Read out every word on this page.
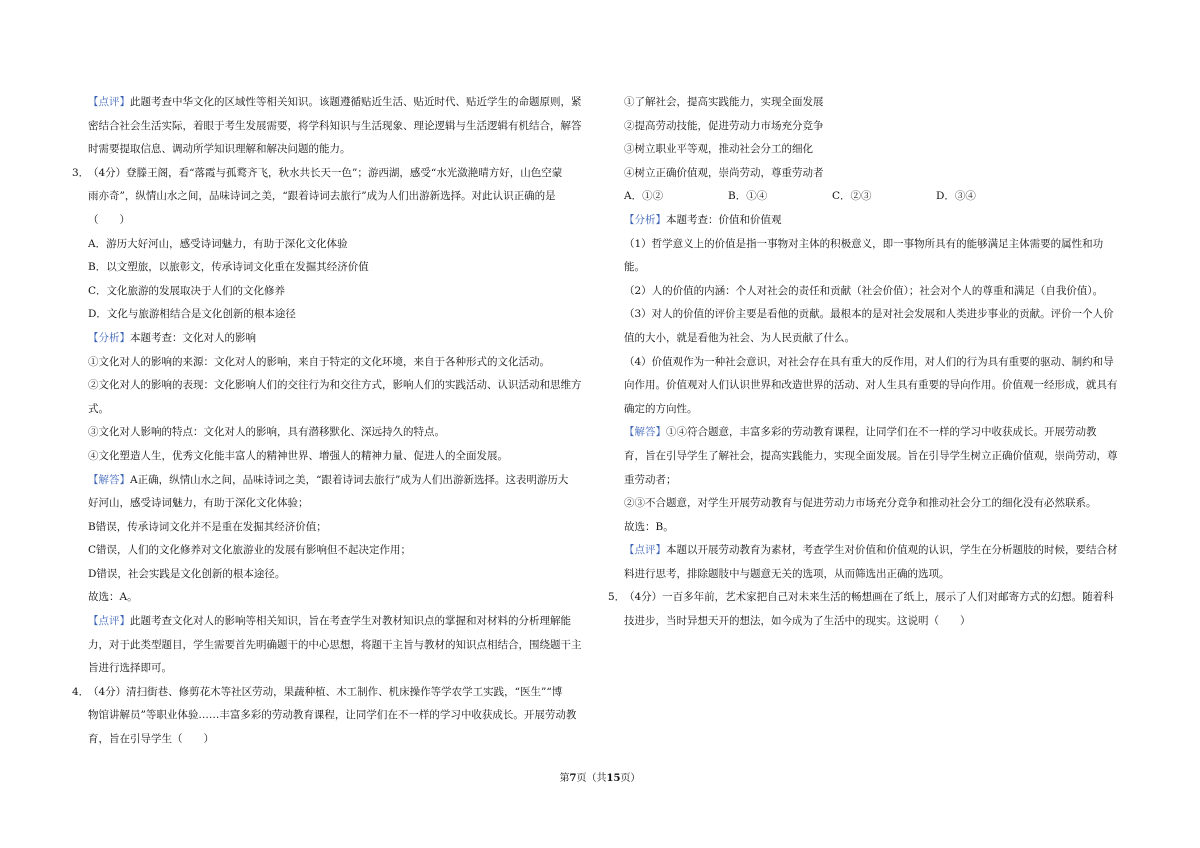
【点评】此题考查中华文化的区域性等相关知识。该题遵循贴近生活、贴近时代、贴近学生的命题原则，紧
密结合社会生活实际，着眼于考生发展需要，将学科知识与生活现象、理论逻辑与生活逻辑有机结合，解答
时需要提取信息、调动所学知识理解和解决问题的能力。
3．
（4分）登滕王阁，看“落霞与孤鹜齐飞，秋水共长天一色”；游西湖，感受“水光潋滟晴方好，山色空蒙
雨亦奇”，纵情山水之间，品味诗词之美，“跟着诗词去旅行”成为人们出游新选择。对此认识正确的是
（　　）
A．游历大好河山，感受诗词魅力，有助于深化文化体验
B．以文塑旅，以旅彰文，传承诗词文化重在发掘其经济价值
C．文化旅游的发展取决于人们的文化修养
D．文化与旅游相结合是文化创新的根本途径
【分析】本题考查：文化对人的影响
①文化对人的影响的来源：文化对人的影响，来自于特定的文化环境，来自于各种形式的文化活动。
②文化对人的影响的表现：文化影响人们的交往行为和交往方式，影响人们的实践活动、认识活动和思维方
式。
③文化对人影响的特点：文化对人的影响，具有潜移默化、深远持久的特点。
④文化塑造人生，优秀文化能丰富人的精神世界、增强人的精神力量、促进人的全面发展。
【解答】A正确，纵情山水之间，品味诗词之美，“跟着诗词去旅行”成为人们出游新选择。这表明游历大
好河山，感受诗词魅力，有助于深化文化体验；
B错误，传承诗词文化并不是重在发掘其经济价值；
C错误，人们的文化修养对文化旅游业的发展有影响但不起决定作用；
D错误，社会实践是文化创新的根本途径。
故选：A。
【点评】此题考查文化对人的影响等相关知识，旨在考查学生对教材知识点的掌握和对材料的分析理解能
力，对于此类型题目，学生需要首先明确题干的中心思想，将题干主旨与教材的知识点相结合，围绕题干主
旨进行选择即可。
4．
（4分）清扫街巷、修剪花木等社区劳动，果蔬种植、木工制作、机床操作等学农学工实践，“医生”“博
物馆讲解员”等职业体验……丰富多彩的劳动教育课程，让同学们在不一样的学习中收获成长。开展劳动教
育，旨在引导学生（　　）
①了解社会，提高实践能力，实现全面发展
②提高劳动技能，促进劳动力市场充分竞争
③树立职业平等观，推动社会分工的细化
④树立正确价值观，崇尚劳动，尊重劳动者
A．①②	B．①④	C．②③	D．③④
【分析】本题考查：价值和价值观
（1）哲学意义上的价值是指一事物对主体的积极意义，即一事物所具有的能够满足主体需要的属性和功
能。
（2）人的价值的内涵：个人对社会的责任和贡献（社会价值）；社会对个人的尊重和满足（自我价值）。
（3）对人的价值的评价主要是看他的贡献。最根本的是对社会发展和人类进步事业的贡献。评价一个人价
值的大小，就是看他为社会、为人民贡献了什么。
（4）价值观作为一种社会意识，对社会存在具有重大的反作用，对人们的行为具有重要的驱动、制约和导
向作用。价值观对人们认识世界和改造世界的活动、对人生具有重要的导向作用。价值观一经形成，就具有
确定的方向性。
【解答】①④符合题意，丰富多彩的劳动教育课程，让同学们在不一样的学习中收获成长。开展劳动教
育，旨在引导学生了解社会，提高实践能力，实现全面发展。旨在引导学生树立正确价值观，崇尚劳动，尊
重劳动者；
②③不合题意，对学生开展劳动教育与促进劳动力市场充分竞争和推动社会分工的细化没有必然联系。
故选：B。
【点评】本题以开展劳动教育为素材，考查学生对价值和价值观的认识，学生在分析题肢的时候，要结合材
料进行思考，排除题肢中与题意无关的选项，从而筛选出正确的选项。
5．
（4分）一百多年前，艺术家把自己对未来生活的畅想画在了纸上，展示了人们对邮寄方式的幻想。随着科
技进步，当时异想天开的想法，如今成为了生活中的现实。这说明（　　）
第7页（共15页）
